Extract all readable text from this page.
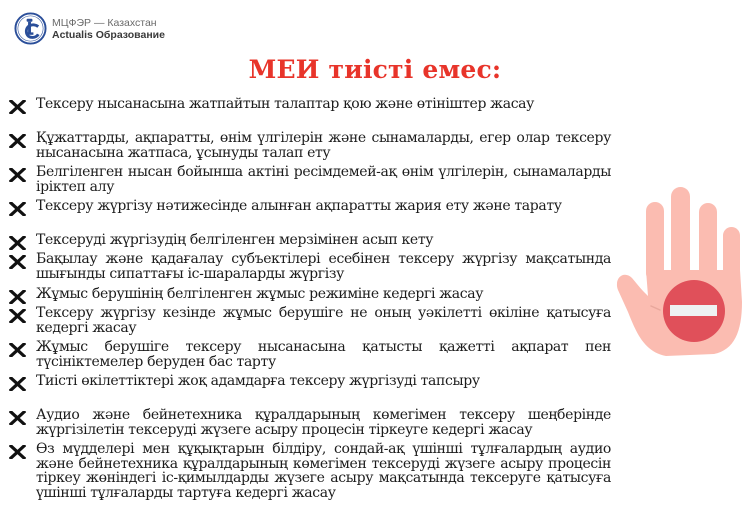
МЦФЭР — Казахстан
Actualis Образование
МЕИ тиісті емес:
Тексеру нысанасына жатпайтын талаптар қою және өтініштер жасау
Құжаттарды, ақпаратты, өнім үлгілерін және сынамаларды, егер олар тексеру нысанасына жатпаса, ұсынуды талап ету
Белгіленген нысан бойынша актіні ресімдемей-ақ өнім үлгілерін, сынамаларды іріктеп алу
Тексеру жүргізу нәтижесінде алынған ақпаратты жария ету және тарату
Тексеруді жүргізудің белгіленген мерзімінен асып кету
Бақылау және қадағалау субъектілері есебінен тексеру жүргізу мақсатында шығынды сипаттағы іс-шараларды жүргізу
Жұмыс берушінің белгіленген жұмыс режиміне кедергі жасау
Тексеру жүргізу кезінде жұмыс берушіге не оның уәкілетті өкіліне қатысуға кедергі жасау
Жұмыс берушіге тексеру нысанасына қатысты қажетті ақпарат пен түсініктемелер беруден бас тарту
Тиісті өкілеттіктері жоқ адамдарға тексеру жүргізуді тапсыру
Аудио және бейнетехника құралдарының көмегімен тексеру шеңберінде жүргізілетін тексеруді жүзеге асыру процесін тіркеуге кедергі жасау
Өз мүдделері мен құқықтарын білдіру, сондай-ақ үшінші тұлғалардың аудио және бейнетехника құралдарының көмегімен тексеруді жүзеге асыру процесін тіркеу жөніндегі іс-қимылдарды жүзеге асыру мақсатында тексеруге қатысуға үшінші тұлғаларды тартуға кедергі жасау
